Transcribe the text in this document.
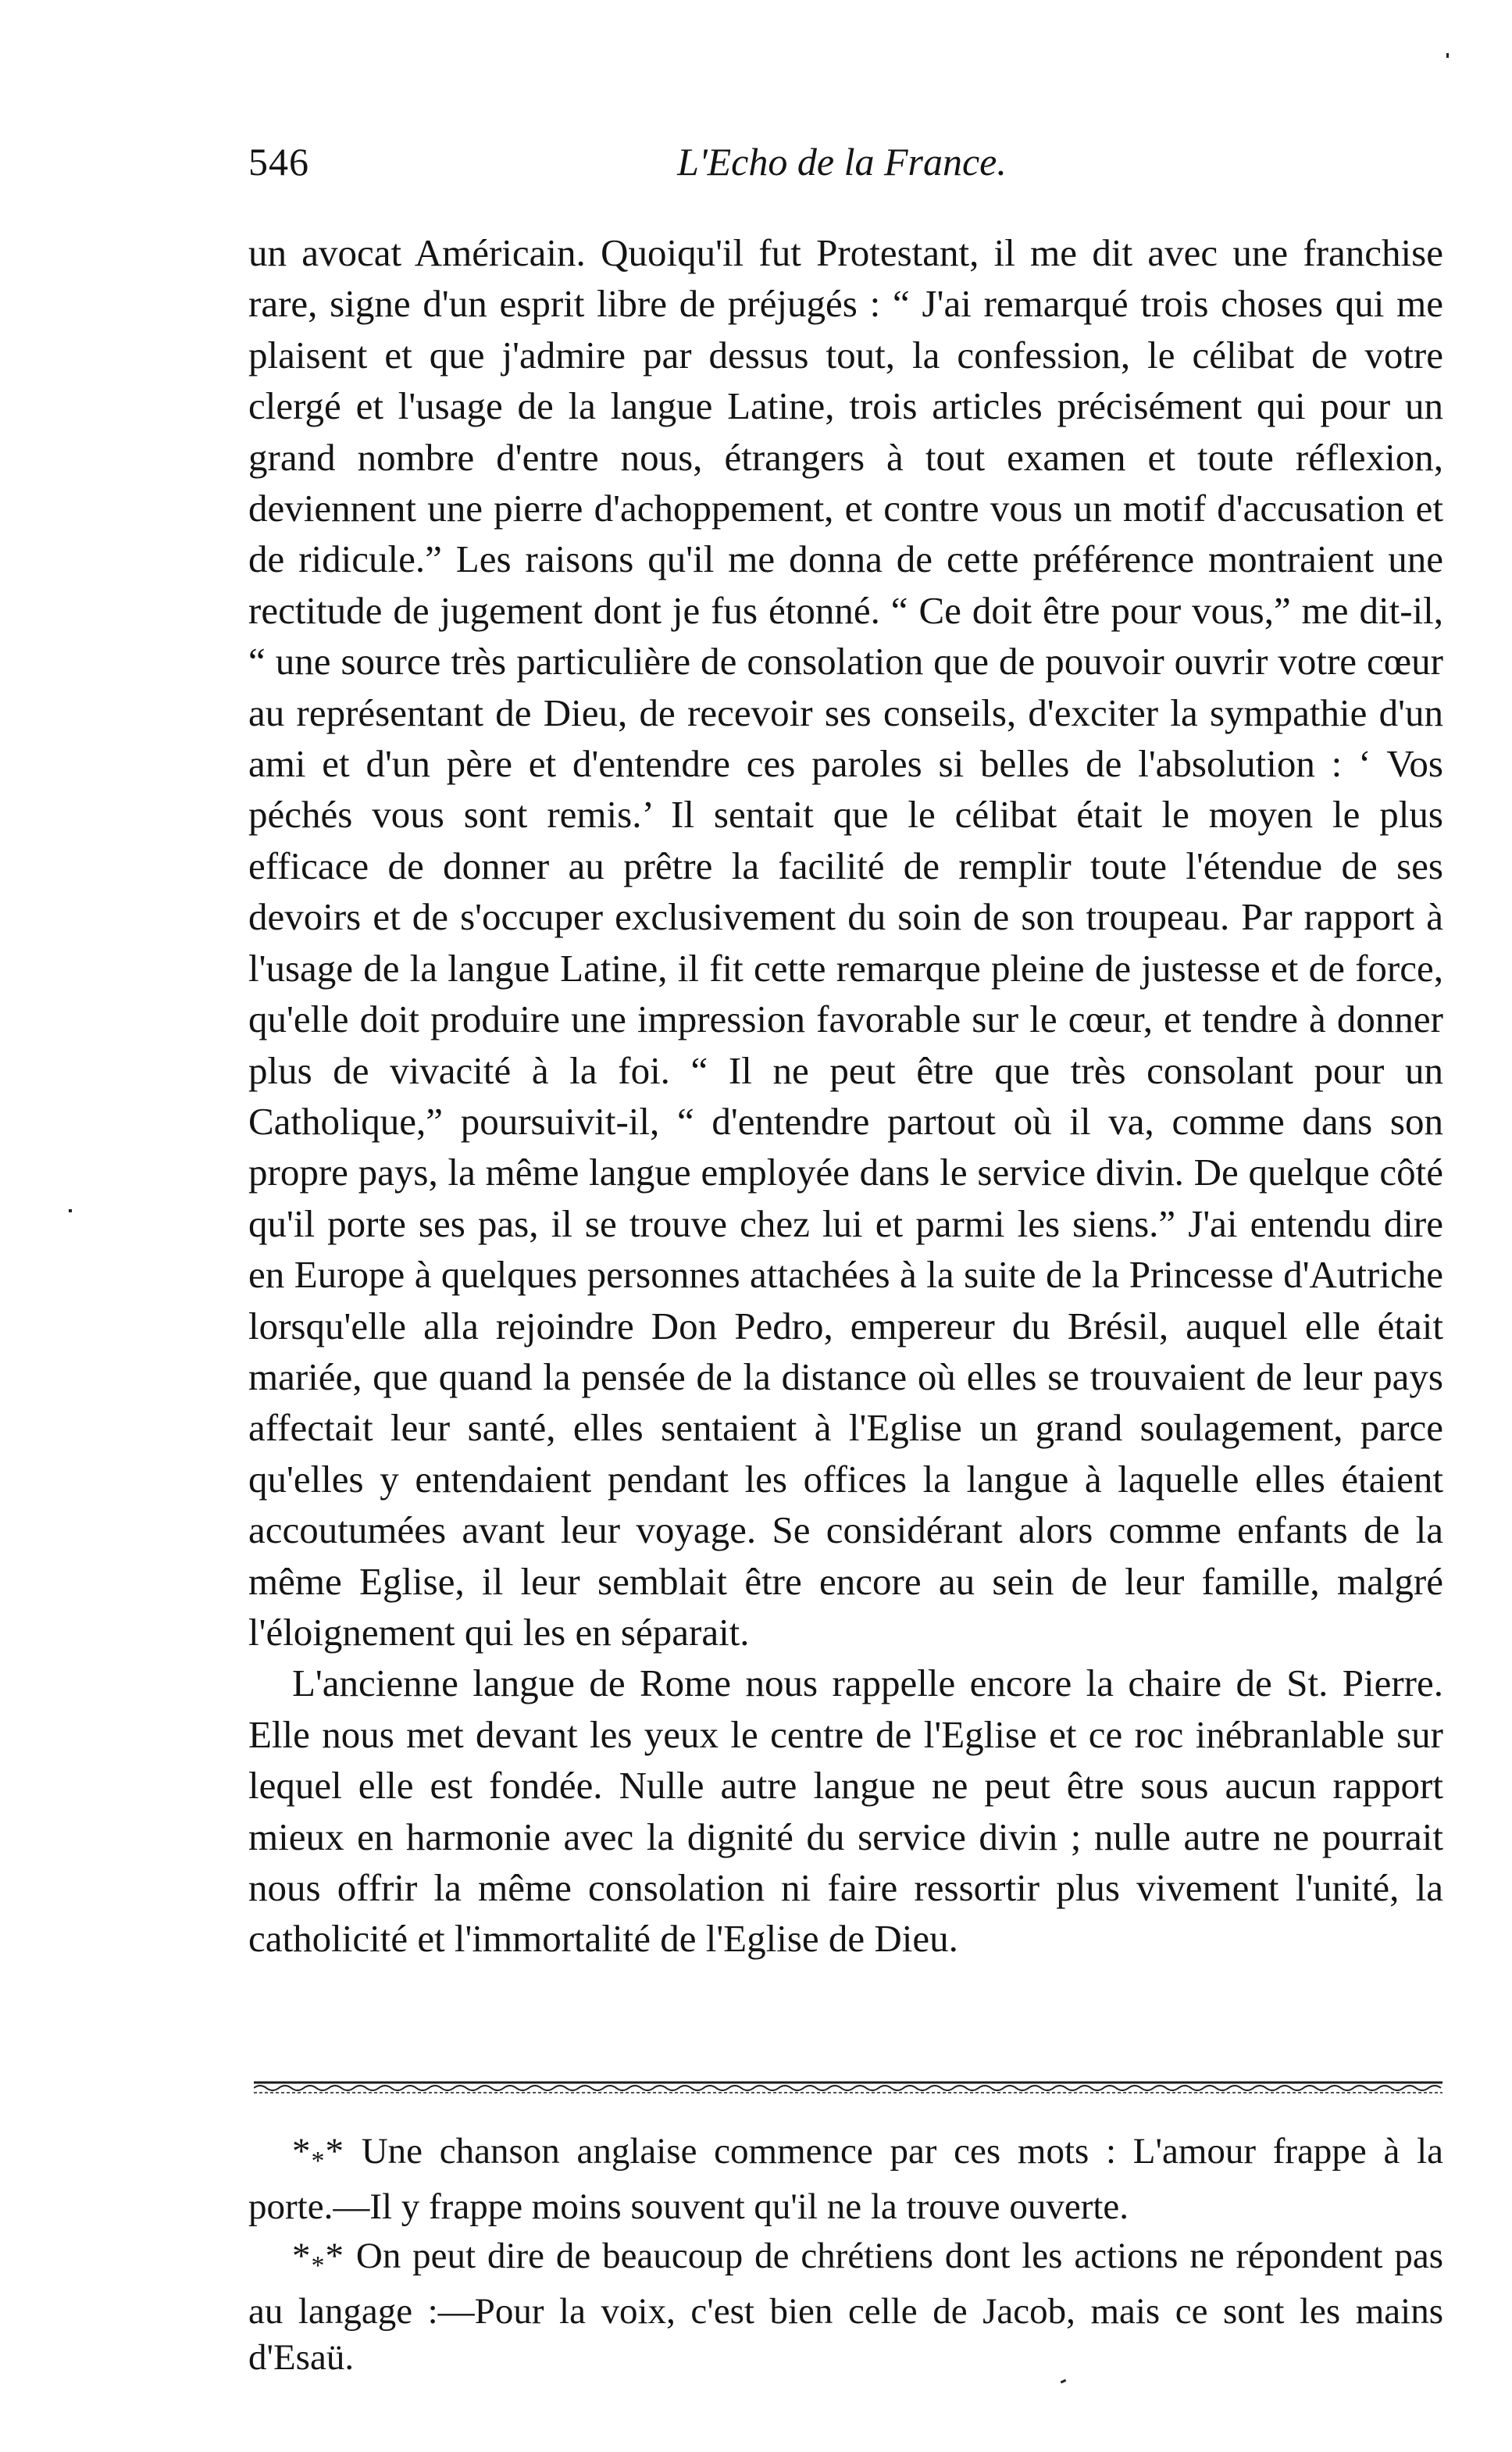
546	L'Echo de la France.

un avocat Américain. Quoiqu'il fut Protestant, il me dit avec une franchise rare, signe d'un esprit libre de préjugés : “ J'ai remarqué trois choses qui me plaisent et que j'admire par dessus tout, la confession, le célibat de votre clergé et l'usage de la langue Latine, trois articles précisément qui pour un grand nombre d'entre nous, étrangers à tout examen et toute réflexion, deviennent une pierre d'achoppement, et contre vous un motif d'accusation et de ridicule.” Les raisons qu'il me donna de cette préférence montraient une rectitude de jugement dont je fus étonné. “ Ce doit être pour vous,” me dit-il, “ une source très particulière de consolation que de pouvoir ouvrir votre cœur au représentant de Dieu, de recevoir ses conseils, d'exciter la sympathie d'un ami et d'un père et d'entendre ces paroles si belles de l'absolution : ‘ Vos péchés vous sont remis.’ Il sentait que le célibat était le moyen le plus efficace de donner au prêtre la facilité de remplir toute l'étendue de ses devoirs et de s'occuper exclusivement du soin de son troupeau. Par rapport à l'usage de la langue Latine, il fit cette remarque pleine de justesse et de force, qu'elle doit produire une impression favorable sur le cœur, et tendre à donner plus de vivacité à la foi. “ Il ne peut être que très consolant pour un Catholique,” poursuivit-il, “ d'entendre partout où il va, comme dans son propre pays, la même langue employée dans le service divin. De quelque côté qu'il porte ses pas, il se trouve chez lui et parmi les siens.” J'ai entendu dire en Europe à quelques personnes attachées à la suite de la Princesse d'Autriche lorsqu'elle alla rejoindre Don Pedro, empereur du Brésil, auquel elle était mariée, que quand la pensée de la distance où elles se trouvaient de leur pays affectait leur santé, elles sentaient à l'Eglise un grand soulagement, parce qu'elles y entendaient pendant les offices la langue à laquelle elles étaient accoutumées avant leur voyage. Se considérant alors comme enfants de la même Eglise, il leur semblait être encore au sein de leur famille, malgré l'éloignement qui les en séparait.

L'ancienne langue de Rome nous rappelle encore la chaire de St. Pierre. Elle nous met devant les yeux le centre de l'Eglise et ce roc inébranlable sur lequel elle est fondée. Nulle autre langue ne peut être sous aucun rapport mieux en harmonie avec la dignité du service divin ; nulle autre ne pourrait nous offrir la même consolation ni faire ressortir plus vivement l'unité, la catholicité et l'immortalité de l'Eglise de Dieu.

$*_**$ Une chanson anglaise commence par ces mots : L'amour frappe à la porte.—Il y frappe moins souvent qu'il ne la trouve ouverte.

$*_**$ On peut dire de beaucoup de chrétiens dont les actions ne répondent pas au langage :—Pour la voix, c'est bien celle de Jacob, mais ce sont les mains d'Esaü.
